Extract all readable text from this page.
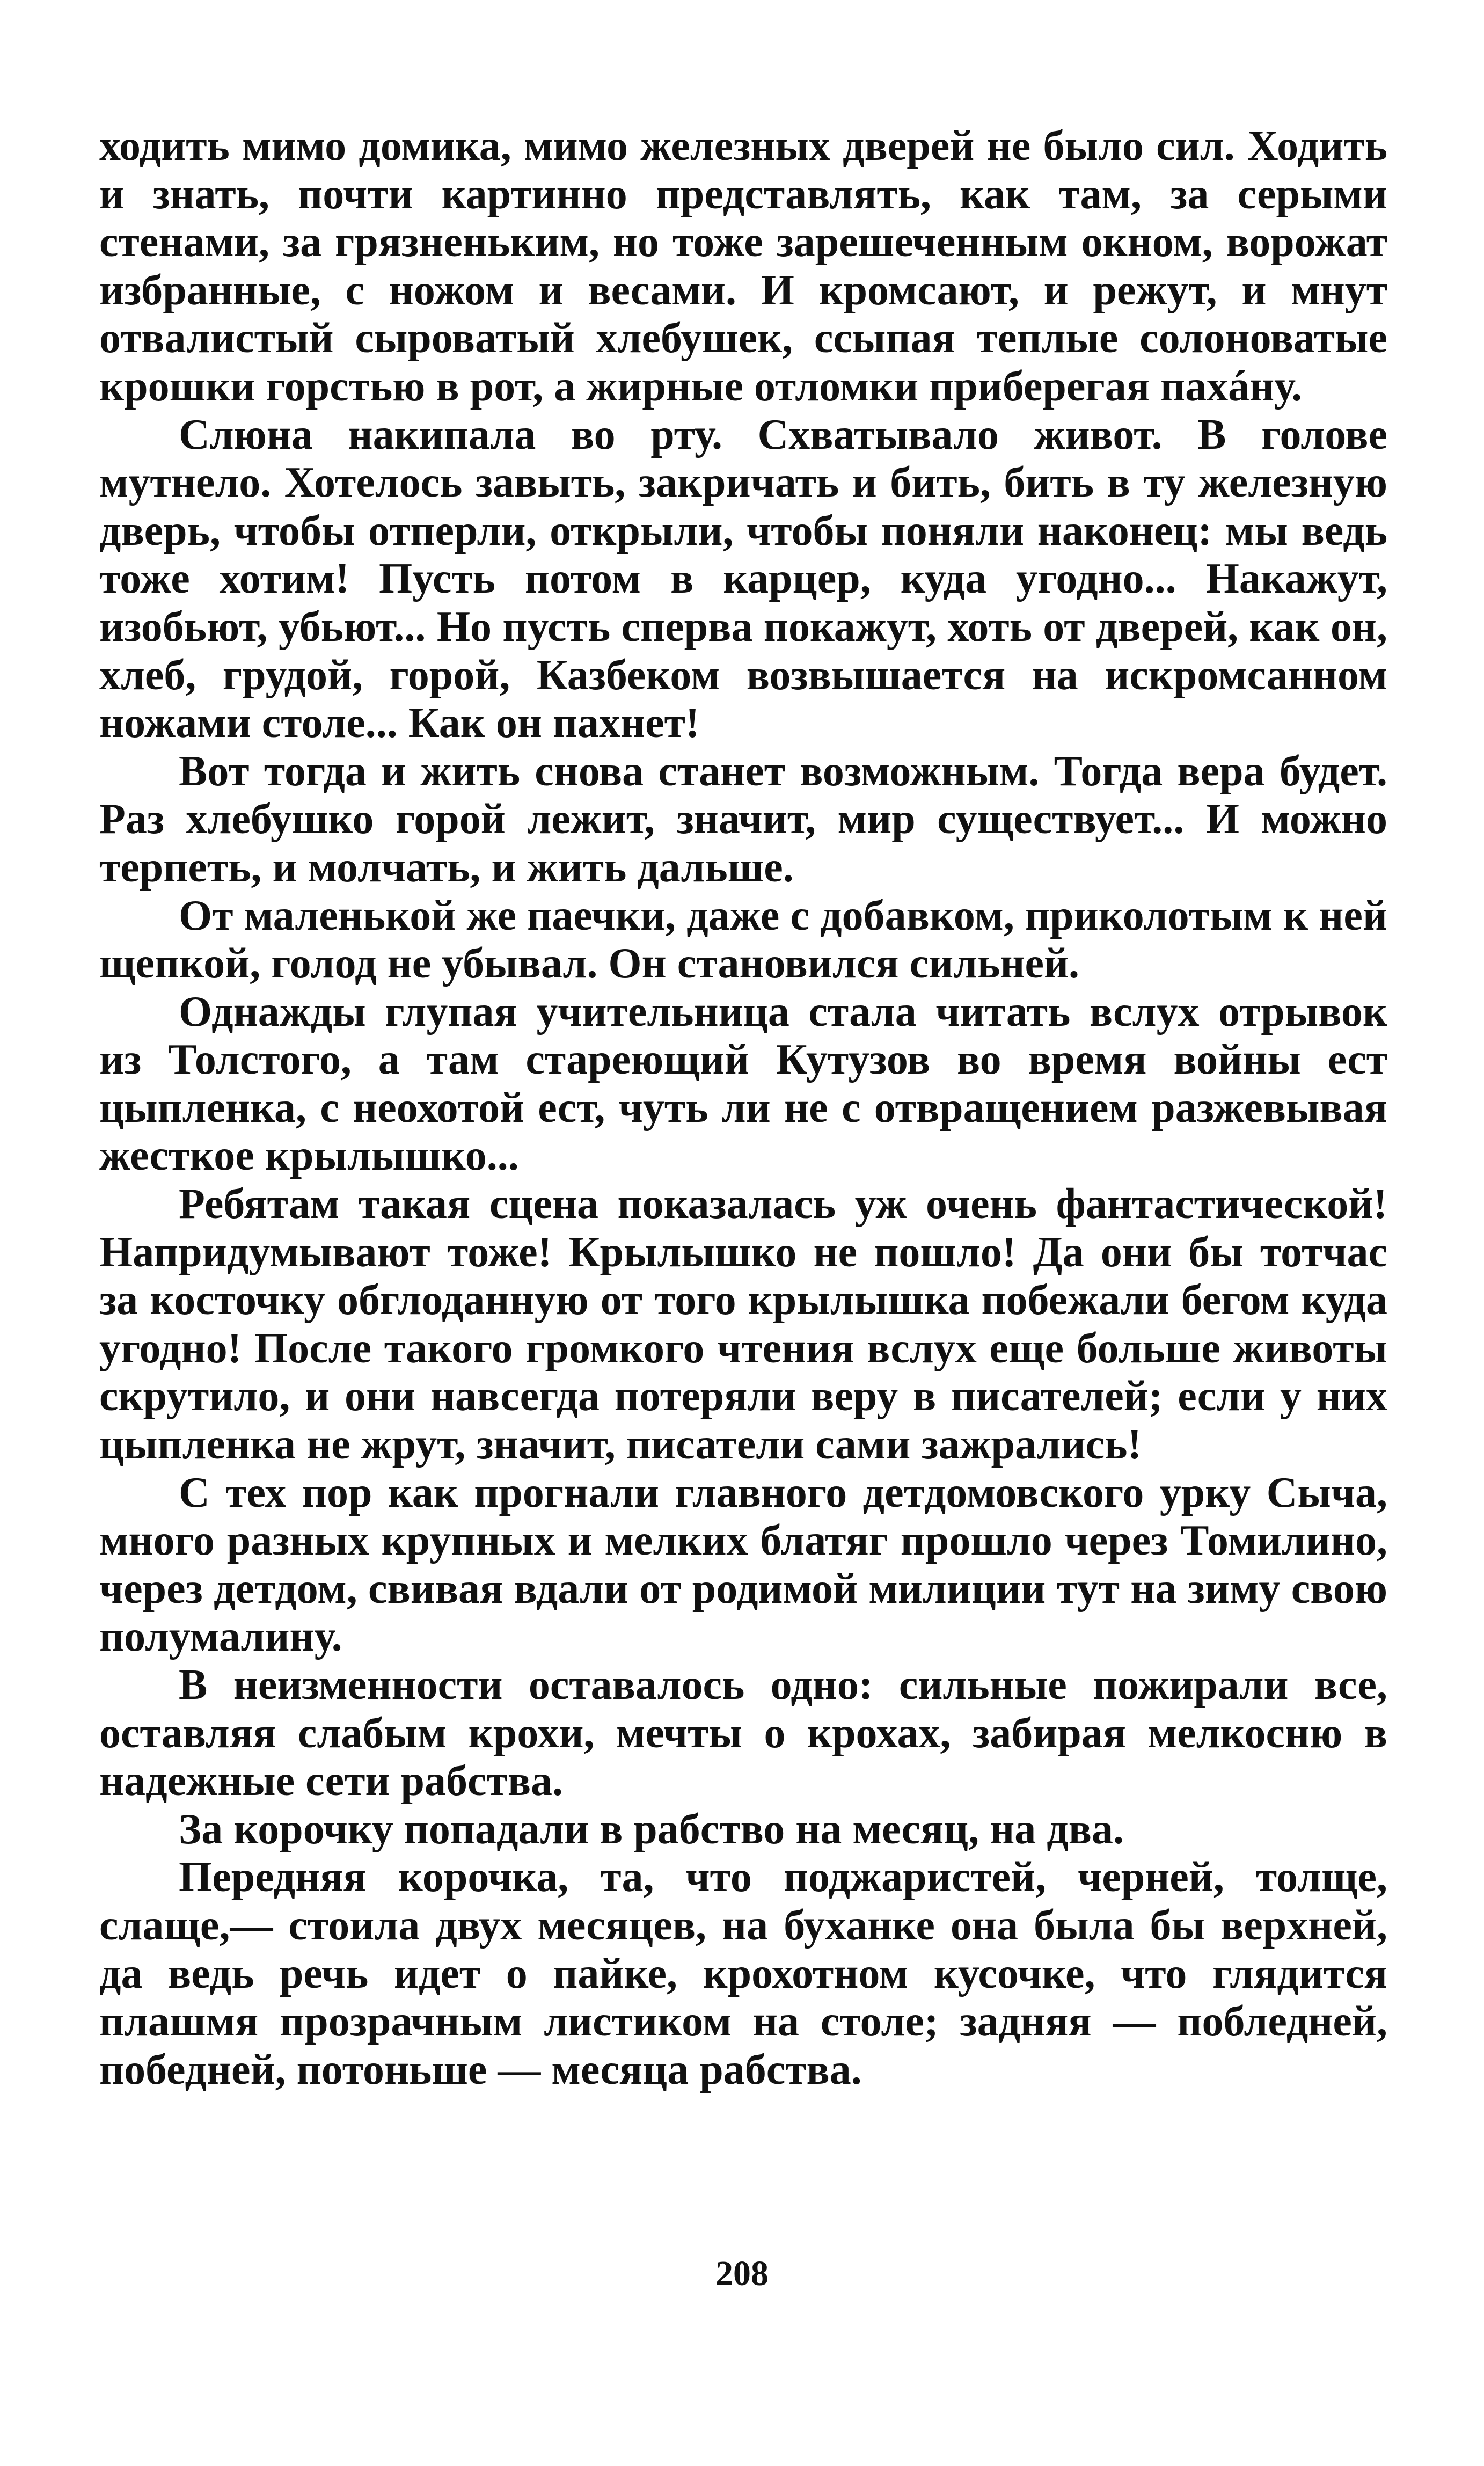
ходить мимо домика, мимо железных дверей не было сил. Ходить и знать, почти картинно представлять, как там, за серыми стенами, за грязненьким, но тоже зарешеченным окном, ворожат избранные, с ножом и весами. И кромсают, и режут, и мнут отвалистый сыроватый хлебушек, ссыпая теплые солоноватые крошки горстью в рот, а жирные отломки приберегая пахáну.

Слюна накипала во рту. Схватывало живот. В голове мутнело. Хотелось завыть, закричать и бить, бить в ту железную дверь, чтобы отперли, открыли, чтобы поняли наконец: мы ведь тоже хотим! Пусть потом в карцер, куда угодно... Накажут, изобьют, убьют... Но пусть сперва покажут, хоть от дверей, как он, хлеб, грудой, горой, Казбеком возвышается на искромсанном ножами столе... Как он пахнет!

Вот тогда и жить снова станет возможным. Тогда вера будет. Раз хлебушко горой лежит, значит, мир существует... И можно терпеть, и молчать, и жить дальше.

От маленькой же паечки, даже с добавком, приколотым к ней щепкой, голод не убывал. Он становился сильней.

Однажды глупая учительница стала читать вслух отрывок из Толстого, а там стареющий Кутузов во время войны ест цыпленка, с неохотой ест, чуть ли не с отвращением разжевывая жесткое крылышко...

Ребятам такая сцена показалась уж очень фантастической! Напридумывают тоже! Крылышко не пошло! Да они бы тотчас за косточку обглоданную от того крылышка побежали бегом куда угодно! После такого громкого чтения вслух еще больше животы скрутило, и они навсегда потеряли веру в писателей; если у них цыпленка не жрут, значит, писатели сами зажрались!

С тех пор как прогнали главного детдомовского урку Сыча, много разных крупных и мелких блатяг прошло через Томилино, через детдом, свивая вдали от родимой милиции тут на зиму свою полумалину.

В неизменности оставалось одно: сильные пожирали все, оставляя слабым крохи, мечты о крохах, забирая мелкосню в надежные сети рабства.

За корочку попадали в рабство на месяц, на два.

Передняя корочка, та, что поджаристей, черней, толще, слаще,— стоила двух месяцев, на буханке она была бы верхней, да ведь речь идет о пайке, крохотном кусочке, что глядится плашмя прозрачным листиком на столе; задняя — побледней, победней, потоньше — месяца рабства.

208
